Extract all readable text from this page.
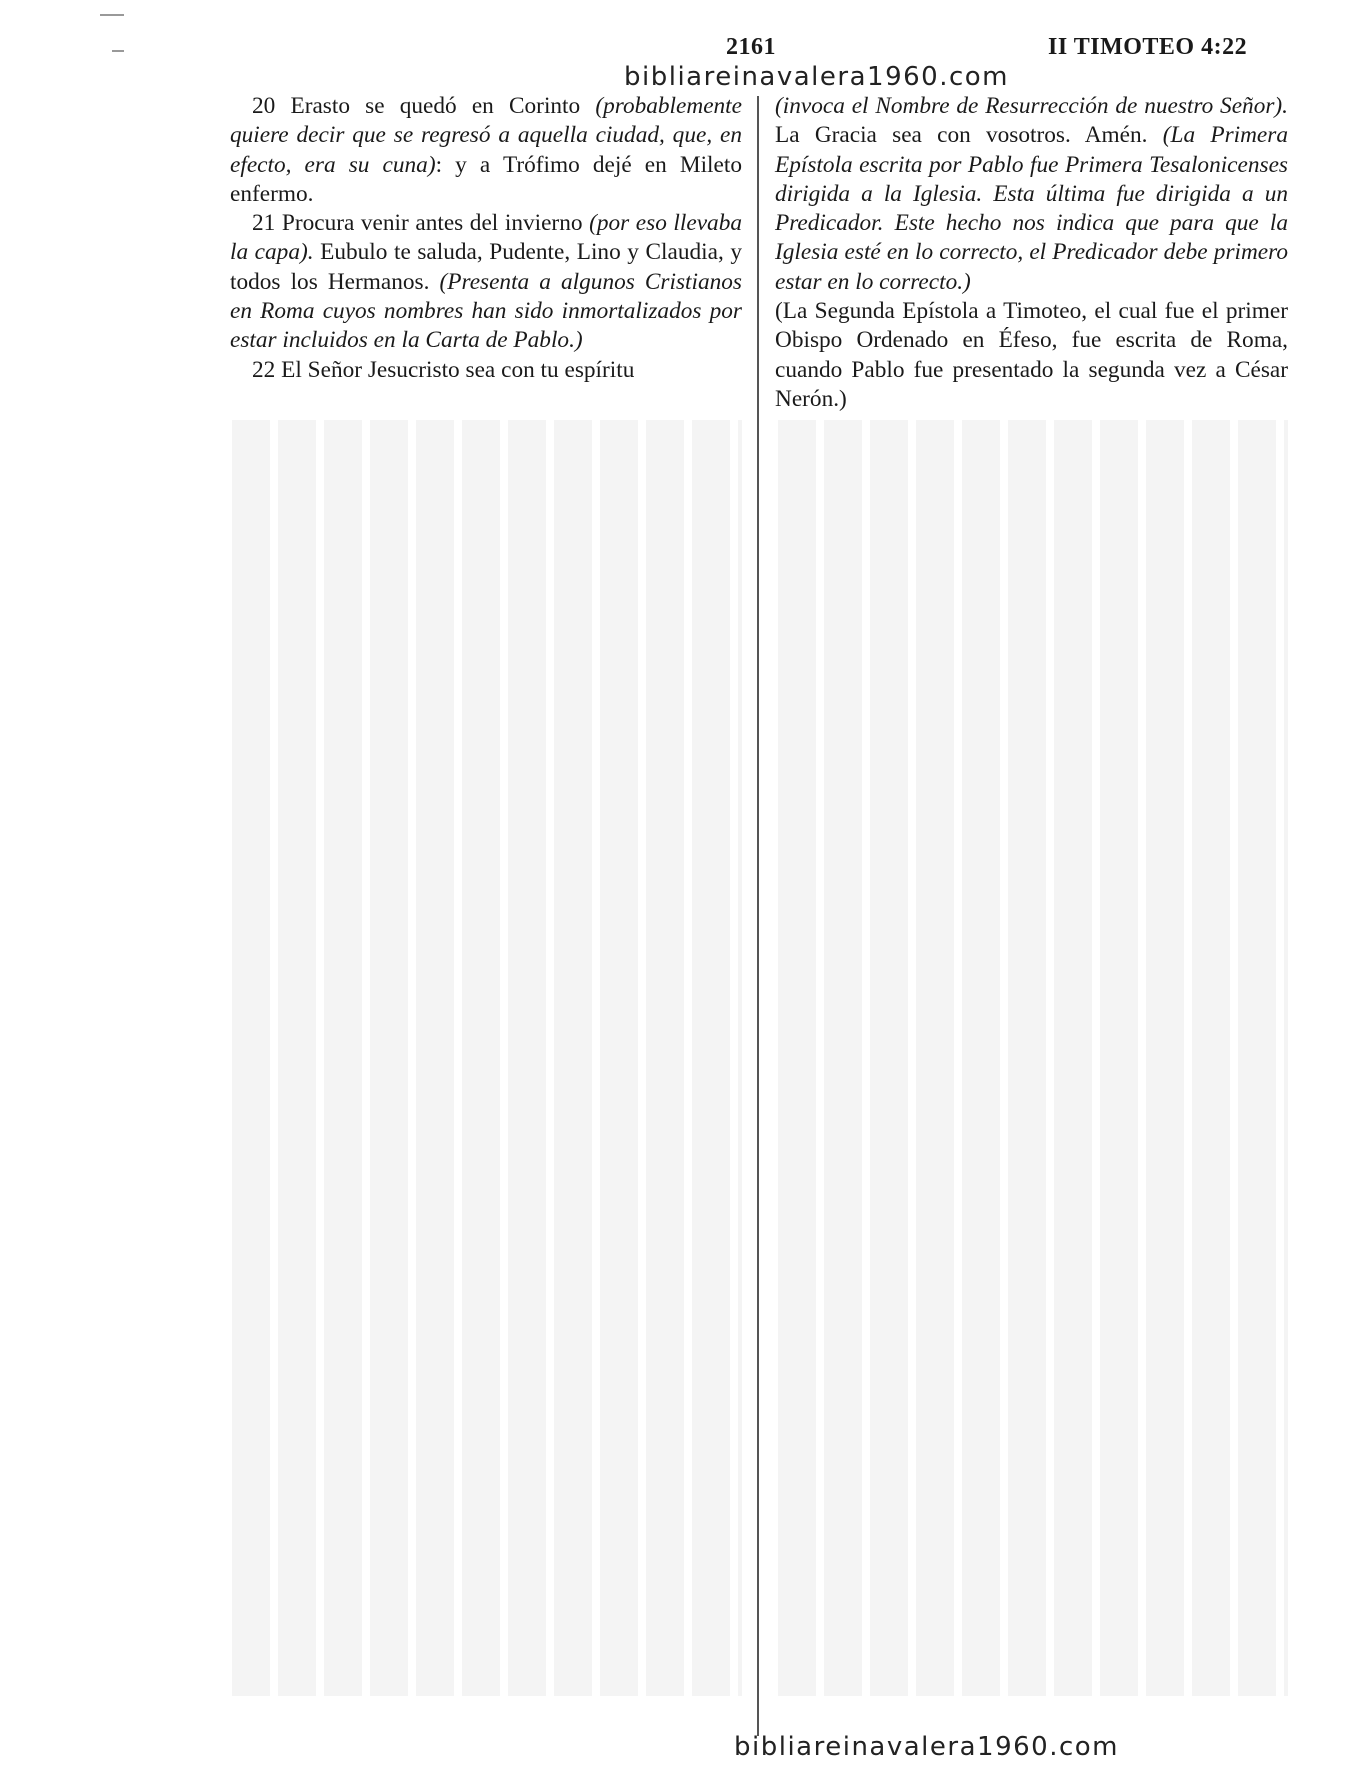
2161	II TIMOTEO 4:22
bibliareinavalera1960.com

20 Erasto se quedó en Corinto (probablemente quiere decir que se regresó a aquella ciudad, que, en efecto, era su cuna): y a Trófimo dejé en Mileto enfermo.

21 Procura venir antes del invierno (por eso llevaba la capa). Eubulo te saluda, Pudente, Lino y Claudia, y todos los Hermanos. (Presenta a algunos Cristianos en Roma cuyos nombres han sido inmortalizados por estar incluidos en la Carta de Pablo.)

22 El Señor Jesucristo sea con tu espíritu

(invoca el Nombre de Resurrección de nuestro Señor). La Gracia sea con vosotros. Amén. (La Primera Epístola escrita por Pablo fue Primera Tesalonicenses dirigida a la Iglesia. Esta última fue dirigida a un Predicador. Este hecho nos indica que para que la Iglesia esté en lo correcto, el Predicador debe primero estar en lo correcto.)

(La Segunda Epístola a Timoteo, el cual fue el primer Obispo Ordenado en Éfeso, fue escrita de Roma, cuando Pablo fue presentado la segunda vez a César Nerón.)

bibliareinavalera1960.com
